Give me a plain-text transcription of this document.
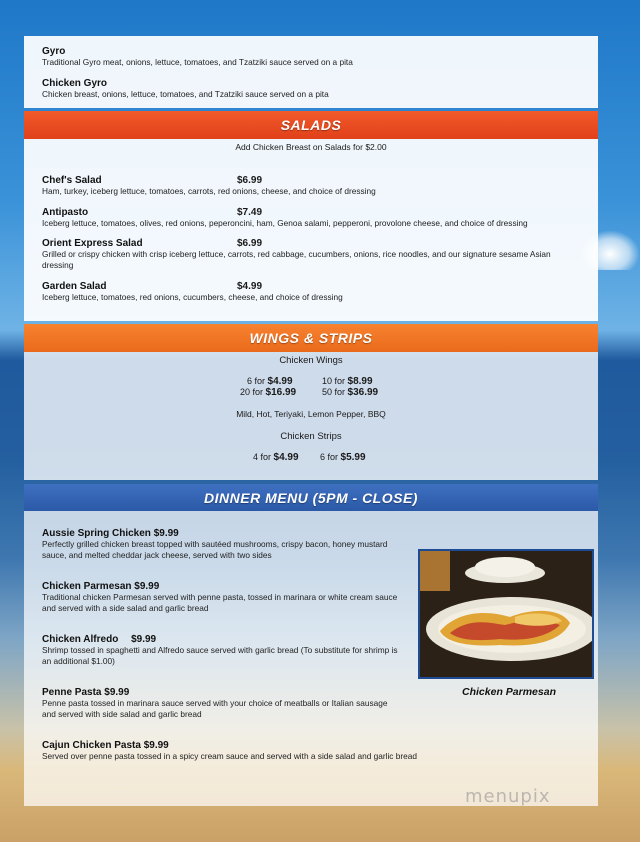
Gyro
Traditional Gyro meat, onions, lettuce, tomatoes, and Tzatziki sauce served on a pita
Chicken Gyro
Chicken breast, onions, lettuce, tomatoes, and Tzatziki sauce served on a pita
SALADS
Add Chicken Breast on Salads for $2.00
Chef's Salad	$6.99
Ham, turkey, iceberg lettuce, tomatoes, carrots, red onions, cheese, and choice of dressing
Antipasto	$7.49
Iceberg lettuce, tomatoes, olives, red onions, peperoncini, ham, Genoa salami, pepperoni, provolone cheese, and choice of dressing
Orient Express Salad	$6.99
Grilled or crispy chicken with crisp iceberg lettuce, carrots, red cabbage, cucumbers, onions, rice noodles, and our signature sesame Asian
dressing
Garden Salad	$4.99
Iceberg lettuce, tomatoes, red onions, cucumbers, cheese, and choice of dressing
WINGS & STRIPS
Chicken Wings
6 for $4.99	10 for $8.99
20 for $16.99	50 for $36.99
Mild, Hot, Teriyaki, Lemon Pepper, BBQ
Chicken Strips
4 for $4.99 6 for $5.99
DINNER MENU (5PM - CLOSE)
Aussie Spring Chicken $9.99
Perfectly grilled chicken breast topped with sautéed mushrooms, crispy bacon, honey mustard
sauce, and melted cheddar jack cheese, served with two sides
Chicken Parmesan $9.99
Traditional chicken Parmesan served with penne pasta, tossed in marinara or white cream sauce
and served with a side salad and garlic bread
Chicken Alfredo $9.99
Shrimp tossed in spaghetti and Alfredo sauce served with garlic bread (To substitute for shrimp is
an additional $1.00)
Penne Pasta $9.99
Penne pasta tossed in marinara sauce served with your choice of meatballs or Italian sausage
and served with side salad and garlic bread
Cajun Chicken Pasta $9.99
Served over penne pasta tossed in a spicy cream sauce and served with a side salad and garlic bread
Chicken Parmesan
menupix
